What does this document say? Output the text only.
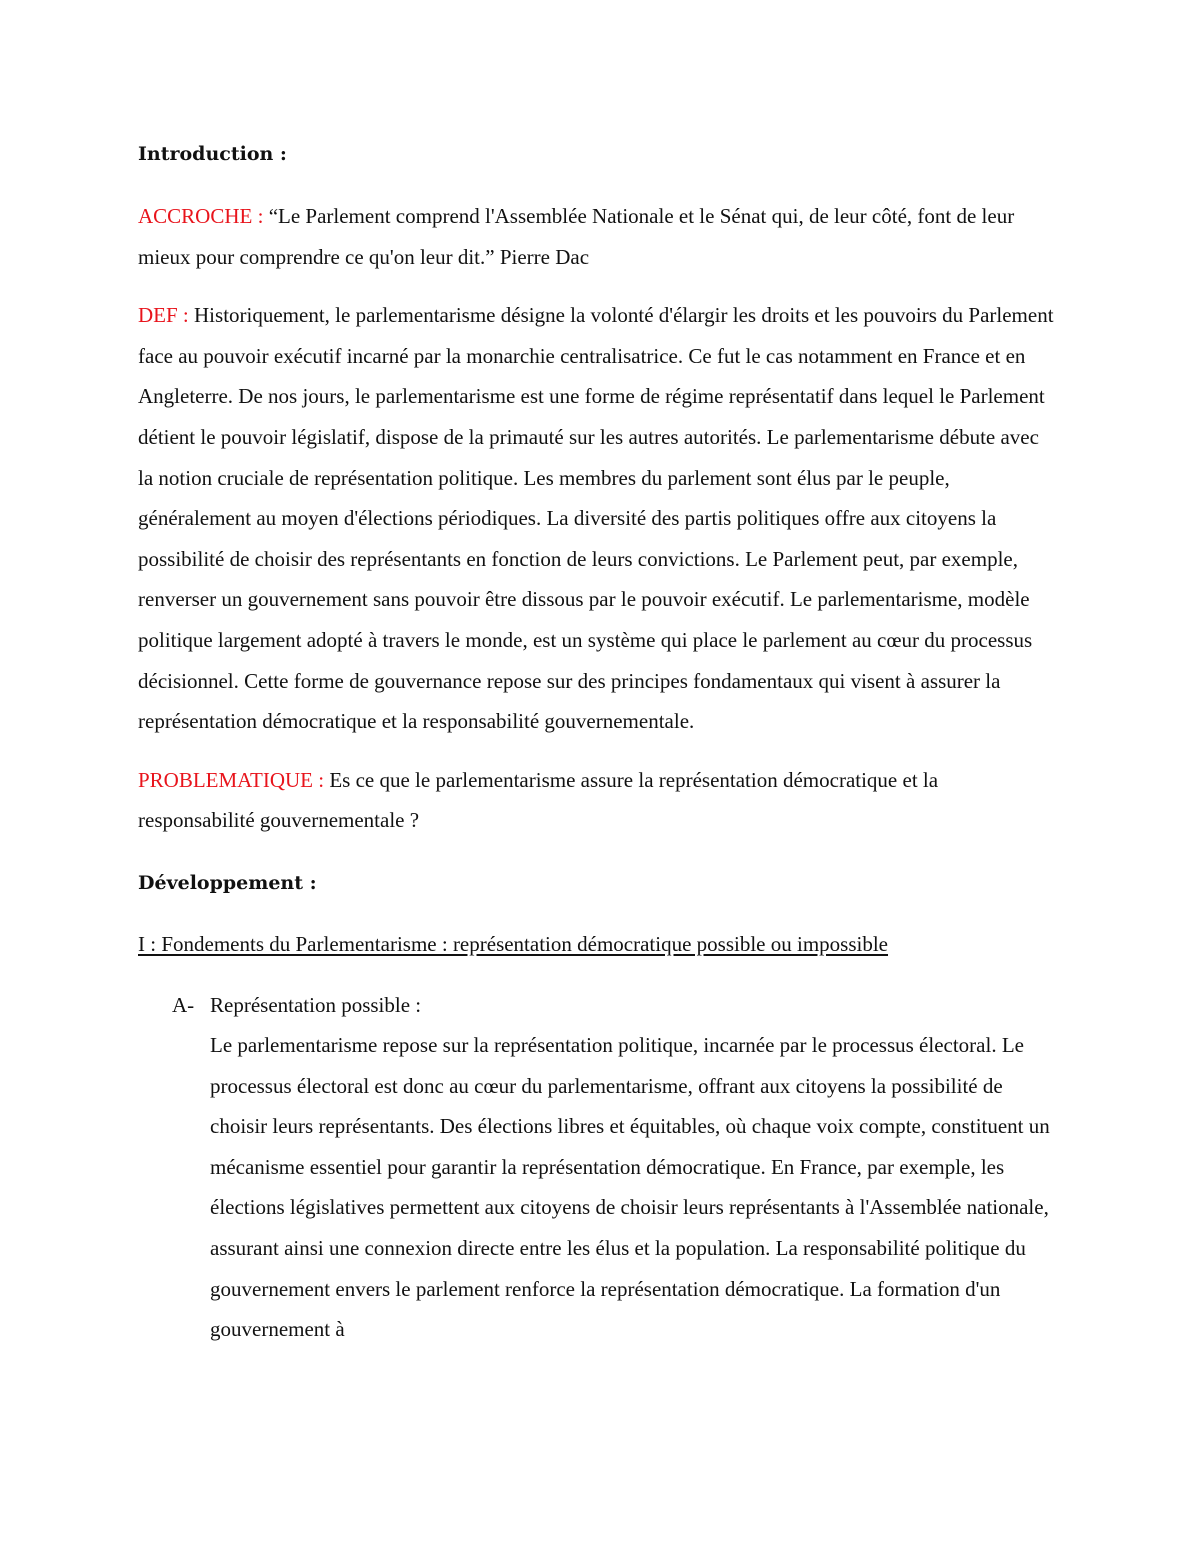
Introduction :

ACCROCHE : “Le Parlement comprend l'Assemblée Nationale et le Sénat qui, de leur côté, font de leur mieux pour comprendre ce qu'on leur dit.” Pierre Dac

DEF : Historiquement, le parlementarisme désigne la volonté d'élargir les droits et les pouvoirs du Parlement face au pouvoir exécutif incarné par la monarchie centralisatrice. Ce fut le cas notamment en France et en Angleterre. De nos jours, le parlementarisme est une forme de régime représentatif dans lequel le Parlement détient le pouvoir législatif, dispose de la primauté sur les autres autorités. Le parlementarisme débute avec la notion cruciale de représentation politique. Les membres du parlement sont élus par le peuple, généralement au moyen d'élections périodiques. La diversité des partis politiques offre aux citoyens la possibilité de choisir des représentants en fonction de leurs convictions. Le Parlement peut, par exemple, renverser un gouvernement sans pouvoir être dissous par le pouvoir exécutif. Le parlementarisme, modèle politique largement adopté à travers le monde, est un système qui place le parlement au cœur du processus décisionnel. Cette forme de gouvernance repose sur des principes fondamentaux qui visent à assurer la représentation démocratique et la responsabilité gouvernementale.

PROBLEMATIQUE : Es ce que le parlementarisme assure la représentation démocratique et la responsabilité gouvernementale ?

Développement :

I : Fondements du Parlementarisme : représentation démocratique possible ou impossible

A- Représentation possible :

Le parlementarisme repose sur la représentation politique, incarnée par le processus électoral. Le processus électoral est donc au cœur du parlementarisme, offrant aux citoyens la possibilité de choisir leurs représentants. Des élections libres et équitables, où chaque voix compte, constituent un mécanisme essentiel pour garantir la représentation démocratique. En France, par exemple, les élections législatives permettent aux citoyens de choisir leurs représentants à l'Assemblée nationale, assurant ainsi une connexion directe entre les élus et la population. La responsabilité politique du gouvernement envers le parlement renforce la représentation démocratique. La formation d'un gouvernement à
